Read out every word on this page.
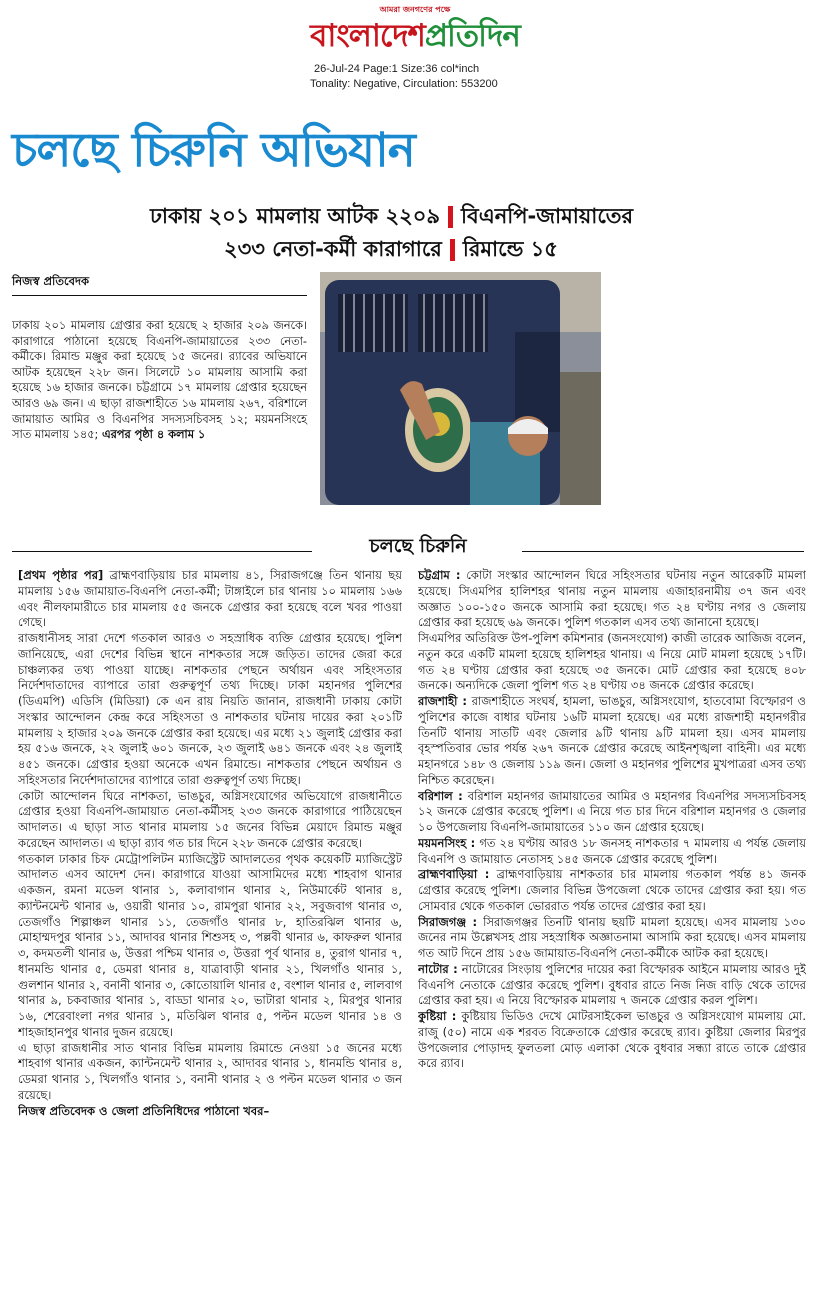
আমরা জনগণের পক্ষে
বাংলাদেশপ্রতিদিন
26-Jul-24 Page:1 Size:36 col*inch
Tonality: Negative, Circulation: 553200
চলছে চিরুনি অভিযান
ঢাকায় ২০১ মামলায় আটক ২২০৯ বিএনপি-জামায়াতের
২৩৩ নেতা-কর্মী কারাগারে রিমান্ডে ১৫
নিজস্ব প্রতিবেদক
ঢাকায় ২০১ মামলায় গ্রেপ্তার করা হয়েছে ২ হাজার ২০৯ জনকে। কারাগারে পাঠানো হয়েছে বিএনপি-জামায়াতের ২৩৩ নেতা-কর্মীকে। রিমান্ড মঞ্জুর করা হয়েছে ১৫ জনের। র‍্যাবের অভিযানে আটক হয়েছেন ২২৮ জন। সিলেটে ১০ মামলায় আসামি করা হয়েছে ১৬ হাজার জনকে। চট্টগ্রামে ১৭ মামলায় গ্রেপ্তার হয়েছেন আরও ৬৯ জন। এ ছাড়া রাজশাহীতে ১৬ মামলায় ২৬৭, বরিশালে জামায়াত আমির ও বিএনপির সদস্যসচিবসহ ১২; ময়মনসিংহে সাত মামলায় ১৪৫; এরপর পৃষ্ঠা ৪ কলাম ১
চলছে চিরুনি

[প্রথম পৃষ্ঠার পর] ব্রাহ্মণবাড়িয়ায় চার মামলায় ৪১, সিরাজগঞ্জে তিন থানায় ছয় মামলায় ১৫৬ জামায়াত-বিএনপি নেতা-কর্মী; টাঙ্গাইলে চার থানায় ১০ মামলায় ১৬৬ এবং নীলফামারীতে চার মামলায় ৫৫ জনকে গ্রেপ্তার করা হয়েছে বলে খবর পাওয়া গেছে।

রাজধানীসহ সারা দেশে গতকাল আরও ৩ সহস্রাধিক ব্যক্তি গ্রেপ্তার হয়েছে। পুলিশ জানিয়েছে, এরা দেশের বিভিন্ন স্থানে নাশকতার সঙ্গে জড়িত। তাদের জেরা করে চাঞ্চল্যকর তথ্য পাওয়া যাচ্ছে। নাশকতার পেছনে অর্থায়ন এবং সহিংসতার নির্দেশদাতাদের ব্যাপারে তারা গুরুত্বপূর্ণ তথ্য দিচ্ছে। ঢাকা মহানগর পুলিশের (ডিএমপি) এডিসি (মিডিয়া) কে এন রায় নিয়তি জানান, রাজধানী ঢাকায় কোটা সংস্কার আন্দোলন কেন্দ্র করে সহিংসতা ও নাশকতার ঘটনায় দায়ের করা ২০১টি মামলায় ২ হাজার ২০৯ জনকে গ্রেপ্তার করা হয়েছে। এর মধ্যে ২১ জুলাই গ্রেপ্তার করা হয় ৫১৬ জনকে, ২২ জুলাই ৬০১ জনকে, ২৩ জুলাই ৬৪১ জনকে এবং ২৪ জুলাই ৪৫১ জনকে। গ্রেপ্তার হওয়া অনেকে এখন রিমান্ডে। নাশকতার পেছনে অর্থায়ন ও সহিংসতার নির্দেশদাতাদের ব্যাপারে তারা গুরুত্বপূর্ণ তথ্য দিচ্ছে।

কোটা আন্দোলন ঘিরে নাশকতা, ভাঙচুর, অগ্নিসংযোগের অভিযোগে রাজধানীতে গ্রেপ্তার হওয়া বিএনপি-জামায়াত নেতা-কর্মীসহ ২৩৩ জনকে কারাগারে পাঠিয়েছেন আদালত। এ ছাড়া সাত থানার মামলায় ১৫ জনের বিভিন্ন মেয়াদে রিমান্ড মঞ্জুর করেছেন আদালত। এ ছাড়া র‍্যাব গত চার দিনে ২২৮ জনকে গ্রেপ্তার করেছে।

গতকাল ঢাকার চিফ মেট্রোপলিটন ম্যাজিস্ট্রেট আদালতের পৃথক কয়েকটি ম্যাজিস্ট্রেট আদালত এসব আদেশ দেন। কারাগারে যাওয়া আসামিদের মধ্যে শাহবাগ থানার একজন, রমনা মডেল থানার ১, কলাবাগান থানার ২, নিউমার্কেট থানার ৪, ক্যান্টনমেন্ট থানার ৬, ওয়ারী থানার ১০, রামপুরা থানার ২২, সবুজবাগ থানার ৩, তেজগাঁও শিল্পাঞ্চল থানার ১১, তেজগাঁও থানার ৮, হাতিরঝিল থানার ৬, মোহাম্মদপুর থানার ১১, আদাবর থানার শিশুসহ ৩, পল্লবী থানার ৬, কাফরুল থানার ৩, কদমতলী থানার ৬, উত্তরা পশ্চিম থানার ৩, উত্তরা পূর্ব থানার ৪, তুরাগ থানার ৭, ধানমন্ডি থানার ৫, ডেমরা থানার ৪, যাত্রাবাড়ী থানার ২১, খিলগাঁও থানার ১, গুলশান থানার ২, বনানী থানার ৩, কোতোয়ালি থানার ৫, বংশাল থানার ৫, লালবাগ থানার ৯, চকবাজার থানার ১, বাড্ডা থানার ২০, ভাটারা থানার ২, মিরপুর থানার ১৬, শেরেবাংলা নগর থানার ১, মতিঝিল থানার ৫, পল্টন মডেল থানার ১৪ ও শাহজাহানপুর থানার দুজন রয়েছে।

এ ছাড়া রাজধানীর সাত থানার বিভিন্ন মামলায় রিমান্ডে নেওয়া ১৫ জনের মধ্যে শাহবাগ থানার একজন, ক্যান্টনমেন্ট থানার ২, আদাবর থানার ১, ধানমন্ডি থানার ৪, ডেমরা থানার ১, খিলগাঁও থানার ১, বনানী থানার ২ ও পল্টন মডেল থানার ৩ জন রয়েছে।

নিজস্ব প্রতিবেদক ও জেলা প্রতিনিধিদের পাঠানো খবর–

চট্টগ্রাম : কোটা সংস্কার আন্দোলন ঘিরে সহিংসতার ঘটনায় নতুন আরেকটি মামলা হয়েছে। সিএমপির হালিশহর থানায় নতুন মামলায় এজাহারনামীয় ৩৭ জন এবং অজ্ঞাত ১০০-১৫০ জনকে আসামি করা হয়েছে। গত ২৪ ঘণ্টায় নগর ও জেলায় গ্রেপ্তার করা হয়েছে ৬৯ জনকে। পুলিশ গতকাল এসব তথ্য জানানো হয়েছে।

সিএমপির অতিরিক্ত উপ-পুলিশ কমিশনার (জনসংযোগ) কাজী তারেক আজিজ বলেন, নতুন করে একটি মামলা হয়েছে হালিশহর থানায়। এ নিয়ে মোট মামলা হয়েছে ১৭টি। গত ২৪ ঘণ্টায় গ্রেপ্তার করা হয়েছে ৩৫ জনকে। মোট গ্রেপ্তার করা হয়েছে ৪০৮ জনকে। অন্যদিকে জেলা পুলিশ গত ২৪ ঘণ্টায় ৩৪ জনকে গ্রেপ্তার করেছে।

রাজশাহী : রাজশাহীতে সংঘর্ষ, হামলা, ভাঙচুর, অগ্নিসংযোগ, হাতবোমা বিস্ফোরণ ও পুলিশের কাজে বাধার ঘটনায় ১৬টি মামলা হয়েছে। এর মধ্যে রাজশাহী মহানগরীর তিনটি থানায় সাতটি এবং জেলার ৯টি থানায় ৯টি মামলা হয়। এসব মামলায় বৃহস্পতিবার ভোর পর্যন্ত ২৬৭ জনকে গ্রেপ্তার করেছে আইনশৃঙ্খলা বাহিনী। এর মধ্যে মহানগরে ১৪৮ ও জেলায় ১১৯ জন। জেলা ও মহানগর পুলিশের মুখপাত্ররা এসব তথ্য নিশ্চিত করেছেন।

বরিশাল : বরিশাল মহানগর জামায়াতের আমির ও মহানগর বিএনপির সদস্যসচিবসহ ১২ জনকে গ্রেপ্তার করেছে পুলিশ। এ নিয়ে গত চার দিনে বরিশাল মহানগর ও জেলার ১০ উপজেলায় বিএনপি-জামায়াতের ১১০ জন গ্রেপ্তার হয়েছে।

ময়মনসিংহ : গত ২৪ ঘণ্টায় আরও ১৮ জনসহ নাশকতার ৭ মামলায় এ পর্যন্ত জেলায় বিএনপি ও জামায়াত নেতাসহ ১৪৫ জনকে গ্রেপ্তার করেছে পুলিশ।

ব্রাহ্মণবাড়িয়া : ব্রাহ্মণবাড়িয়ায় নাশকতার চার মামলায় গতকাল পর্যন্ত ৪১ জনক গ্রেপ্তার করেছে পুলিশ। জেলার বিভিন্ন উপজেলা থেকে তাদের গ্রেপ্তার করা হয়। গত সোমবার থেকে গতকাল ভোররাত পর্যন্ত তাদের গ্রেপ্তার করা হয়।

সিরাজগঞ্জ : সিরাজগঞ্জর তিনটি থানায় ছয়টি মামলা হয়েছে। এসব মামলায় ১৩০ জনের নাম উল্লেখসহ প্রায় সহস্রাধিক অজ্ঞাতনামা আসামি করা হয়েছে। এসব মামলায় গত আট দিনে প্রায় ১৫৬ জামায়াত-বিএনপি নেতা-কর্মীকে আটক করা হয়েছে।

নাটোর : নাটোরের সিংড়ায় পুলিশের দায়ের করা বিস্ফোরক আইনে মামলায় আরও দুই বিএনপি নেতাকে গ্রেপ্তার করেছে পুলিশ। বুধবার রাতে নিজ নিজ বাড়ি থেকে তাদের গ্রেপ্তার করা হয়। এ নিয়ে বিস্ফোরক মামলায় ৭ জনকে গ্রেপ্তার করল পুলিশ।

কুষ্টিয়া : কুষ্টিয়ায় ভিডিও দেখে মোটরসাইকেল ভাঙচুর ও অগ্নিসংযোগ মামলায় মো. রাজু (৫০) নামে এক শরবত বিক্রেতাকে গ্রেপ্তার করেছে র‍্যাব। কুষ্টিয়া জেলার মিরপুর উপজেলার পোড়াদহ ফুলতলা মোড় এলাকা থেকে বুধবার সন্ধ্যা রাতে তাকে গ্রেপ্তার করে র‍্যাব।
